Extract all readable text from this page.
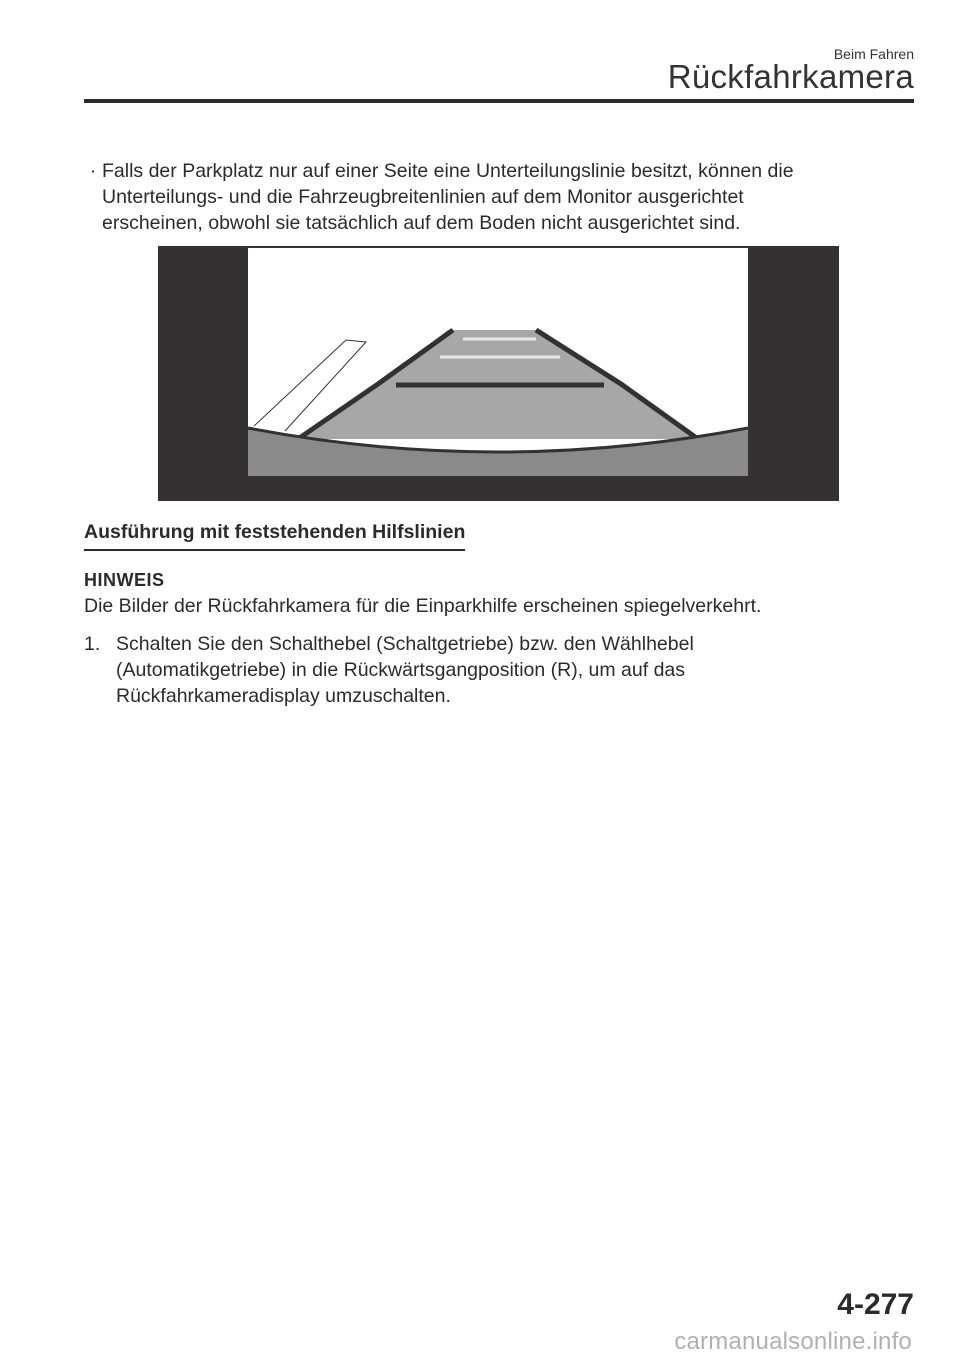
Beim Fahren
Rückfahrkamera
· Falls der Parkplatz nur auf einer Seite eine Unterteilungslinie besitzt, können die
Unterteilungs- und die Fahrzeugbreitenlinien auf dem Monitor ausgerichtet
erscheinen, obwohl sie tatsächlich auf dem Boden nicht ausgerichtet sind.
Ausführung mit feststehenden Hilfslinien
HINWEIS
Die Bilder der Rückfahrkamera für die Einparkhilfe erscheinen spiegelverkehrt.
1. Schalten Sie den Schalthebel (Schaltgetriebe) bzw. den Wählhebel
(Automatikgetriebe) in die Rückwärtsgangposition (R), um auf das
Rückfahrkameradisplay umzuschalten.
4-277
carmanualsonline.info
